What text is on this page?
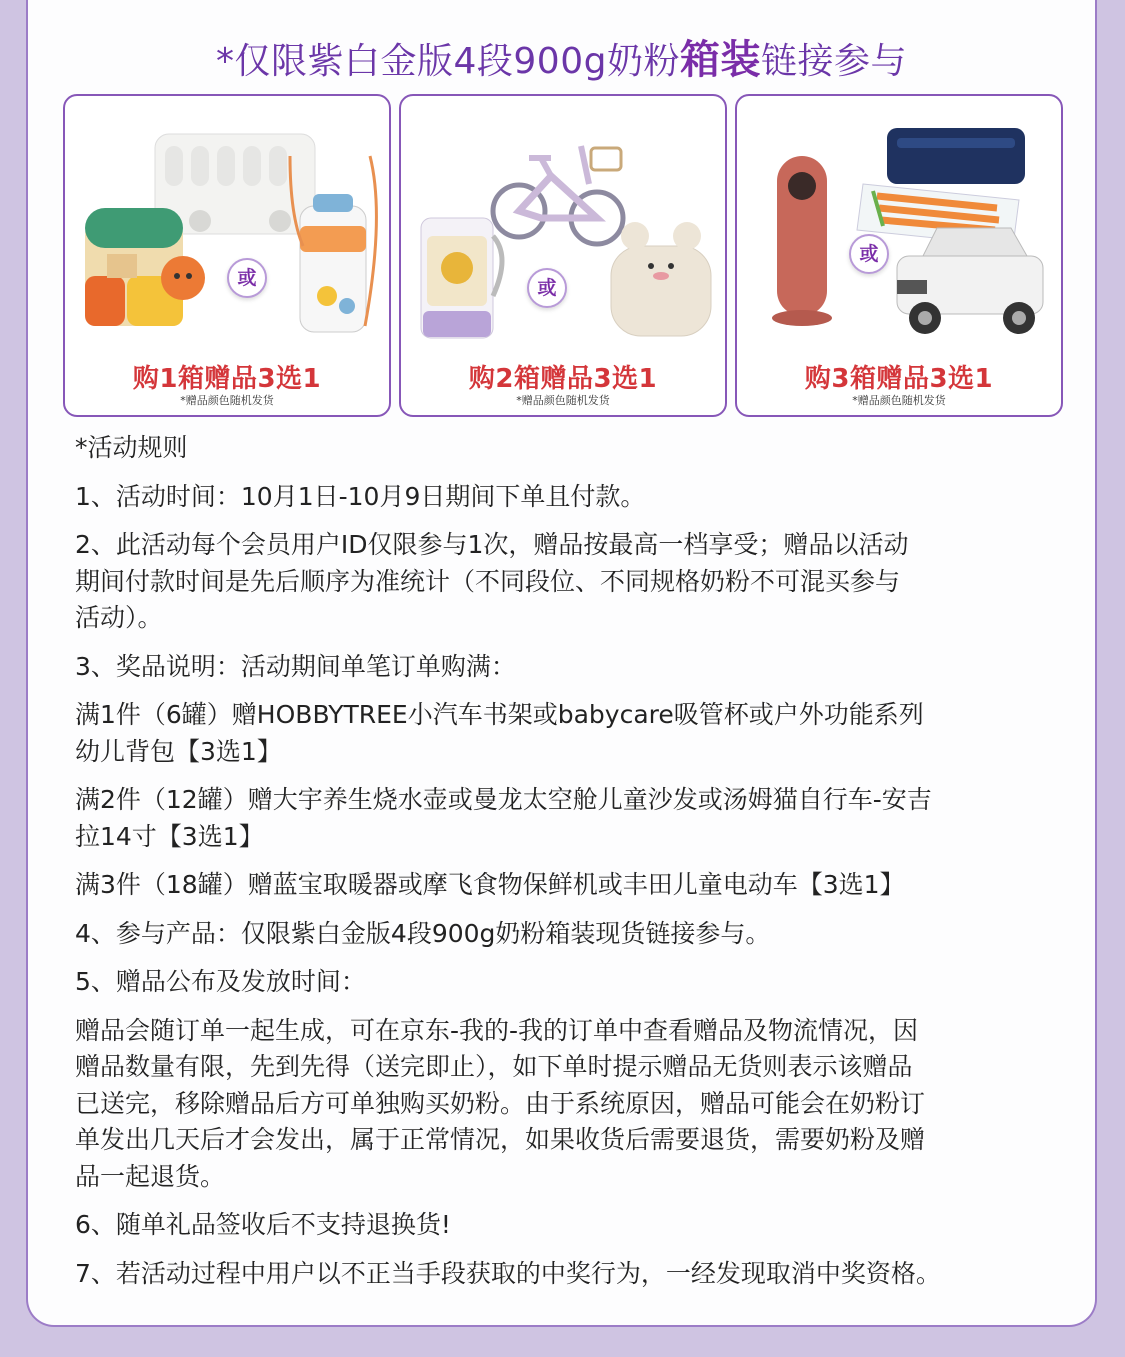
*仅限紫白金版4段900g奶粉箱装链接参与
或
购1箱赠品3选1
*赠品颜色随机发货
或
购2箱赠品3选1
*赠品颜色随机发货
或
购3箱赠品3选1
*赠品颜色随机发货

*活动规则

1、活动时间：10月1日-10月9日期间下单且付款。

2、此活动每个会员用户ID仅限参与1次，赠品按最高一档享受；赠品以活动

期间付款时间是先后顺序为准统计（不同段位、不同规格奶粉不可混买参与

活动）。

3、奖品说明：活动期间单笔订单购满：

满1件（6罐）赠HOBBYTREE小汽车书架或babycare吸管杯或户外功能系列

幼儿背包【3选1】

满2件（12罐）赠大宇养生烧水壶或曼龙太空舱儿童沙发或汤姆猫自行车-安吉

拉14寸【3选1】

满3件（18罐）赠蓝宝取暖器或摩飞食物保鲜机或丰田儿童电动车【3选1】

4、参与产品：仅限紫白金版4段900g奶粉箱装现货链接参与。

5、赠品公布及发放时间：

赠品会随订单一起生成，可在京东-我的-我的订单中查看赠品及物流情况，因

赠品数量有限，先到先得（送完即止），如下单时提示赠品无货则表示该赠品

已送完，移除赠品后方可单独购买奶粉。由于系统原因，赠品可能会在奶粉订

单发出几天后才会发出，属于正常情况，如果收货后需要退货，需要奶粉及赠

品一起退货。

6、随单礼品签收后不支持退换货!

7、若活动过程中用户以不正当手段获取的中奖行为，一经发现取消中奖资格。
